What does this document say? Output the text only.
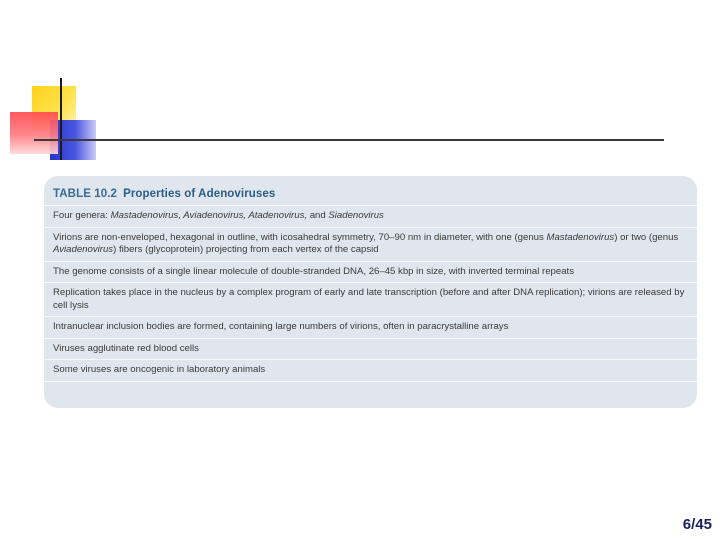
TABLE 10.2 Properties of Adenoviruses
Four genera: Mastadenovirus, Aviadenovirus, Atadenovirus, and Siadenovirus
Virions are non-enveloped, hexagonal in outline, with icosahedral symmetry, 70–90 nm in diameter, with one (genus Mastadenovirus) or two (genus Aviadenovirus) fibers (glycoprotein) projecting from each vertex of the capsid
The genome consists of a single linear molecule of double-stranded DNA, 26–45 kbp in size, with inverted terminal repeats
Replication takes place in the nucleus by a complex program of early and late transcription (before and after DNA replication); virions are released by cell lysis
Intranuclear inclusion bodies are formed, containing large numbers of virions, often in paracrystalline arrays
Viruses agglutinate red blood cells
Some viruses are oncogenic in laboratory animals
6/45
